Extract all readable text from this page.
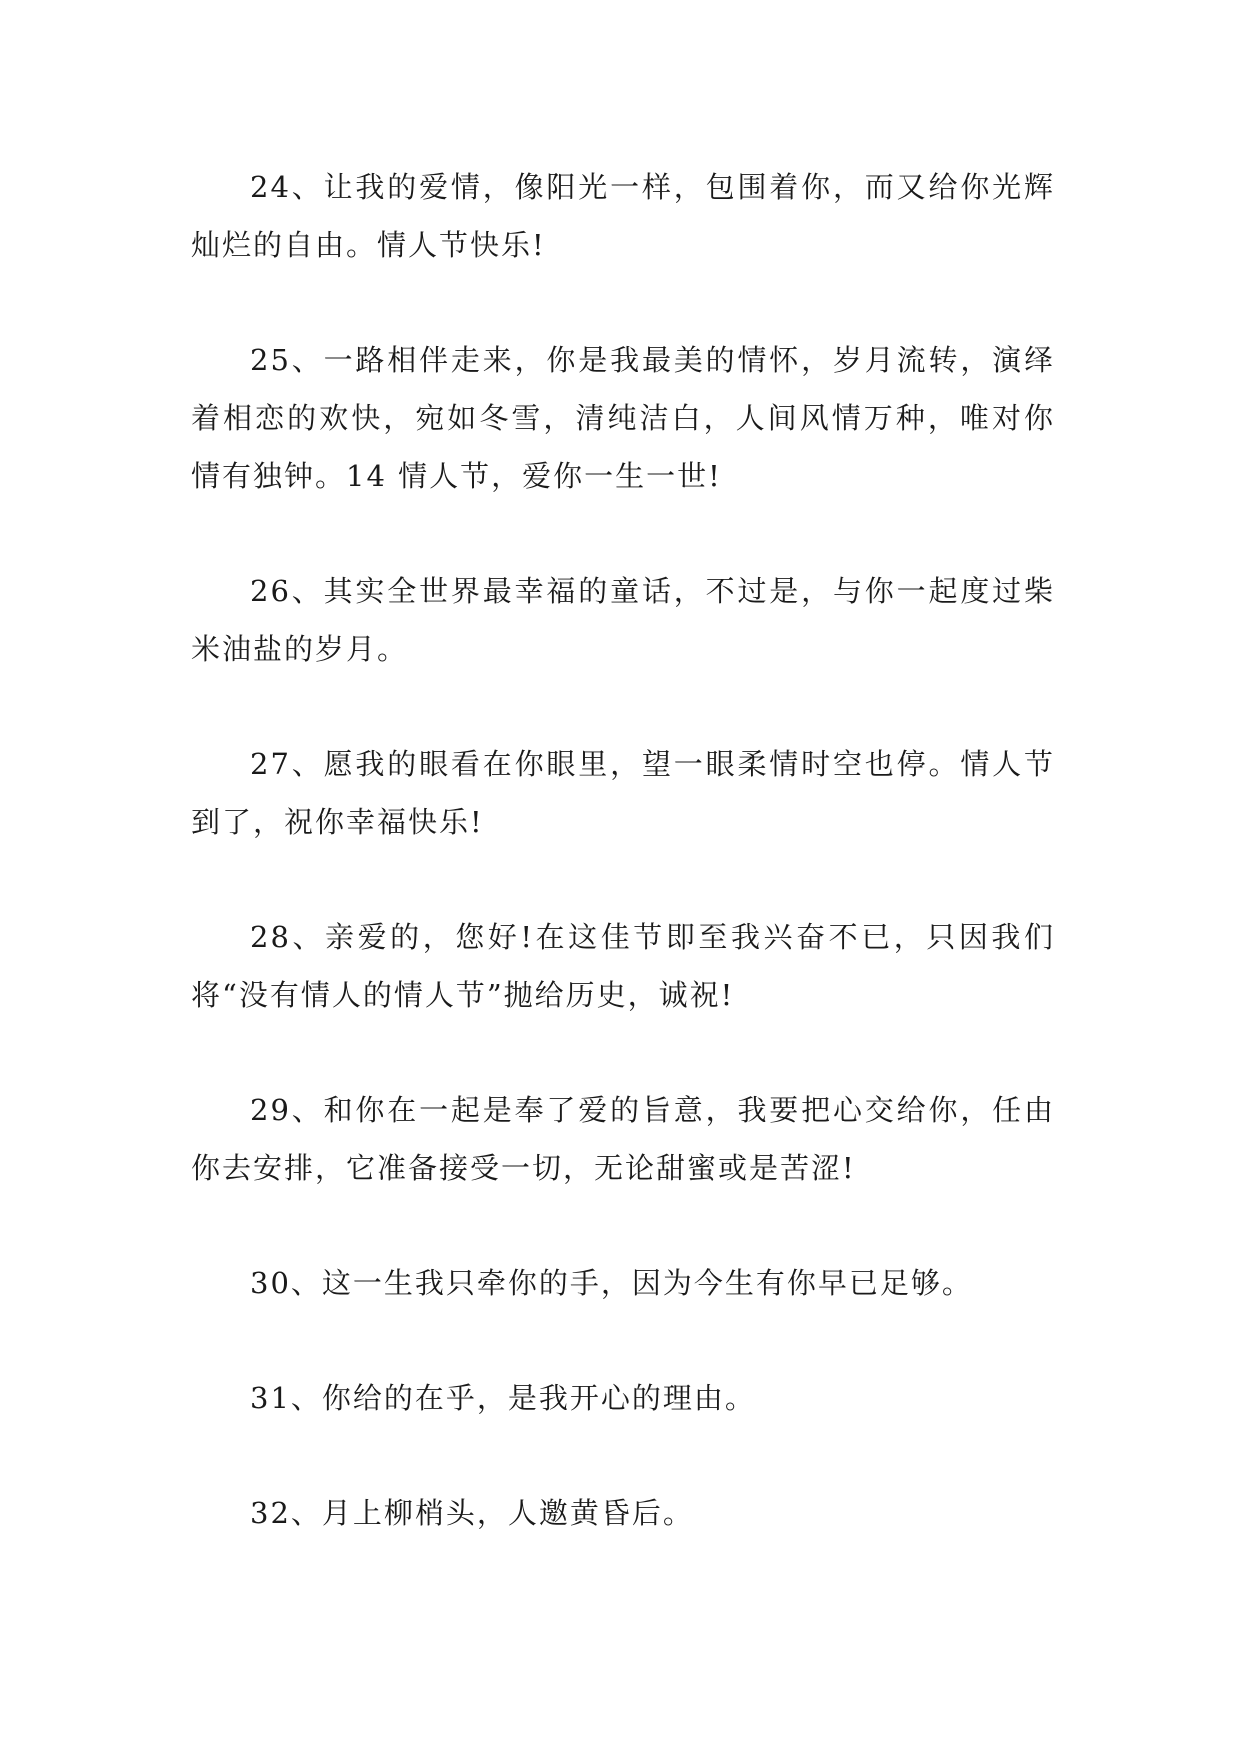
24、让我的爱情，像阳光一样，包围着你，而又给你光辉灿烂的自由。情人节快乐!

25、一路相伴走来，你是我最美的情怀，岁月流转，演绎着相恋的欢快，宛如冬雪，清纯洁白，人间风情万种，唯对你情有独钟。14 情人节，爱你一生一世!

26、其实全世界最幸福的童话，不过是，与你一起度过柴米油盐的岁月。

27、愿我的眼看在你眼里，望一眼柔情时空也停。情人节到了，祝你幸福快乐!

28、亲爱的，您好!在这佳节即至我兴奋不已，只因我们将“没有情人的情人节”抛给历史，诚祝!

29、和你在一起是奉了爱的旨意，我要把心交给你，任由你去安排，它准备接受一切，无论甜蜜或是苦涩!

30、这一生我只牵你的手，因为今生有你早已足够。

31、你给的在乎，是我开心的理由。

32、月上柳梢头，人邀黄昏后。
